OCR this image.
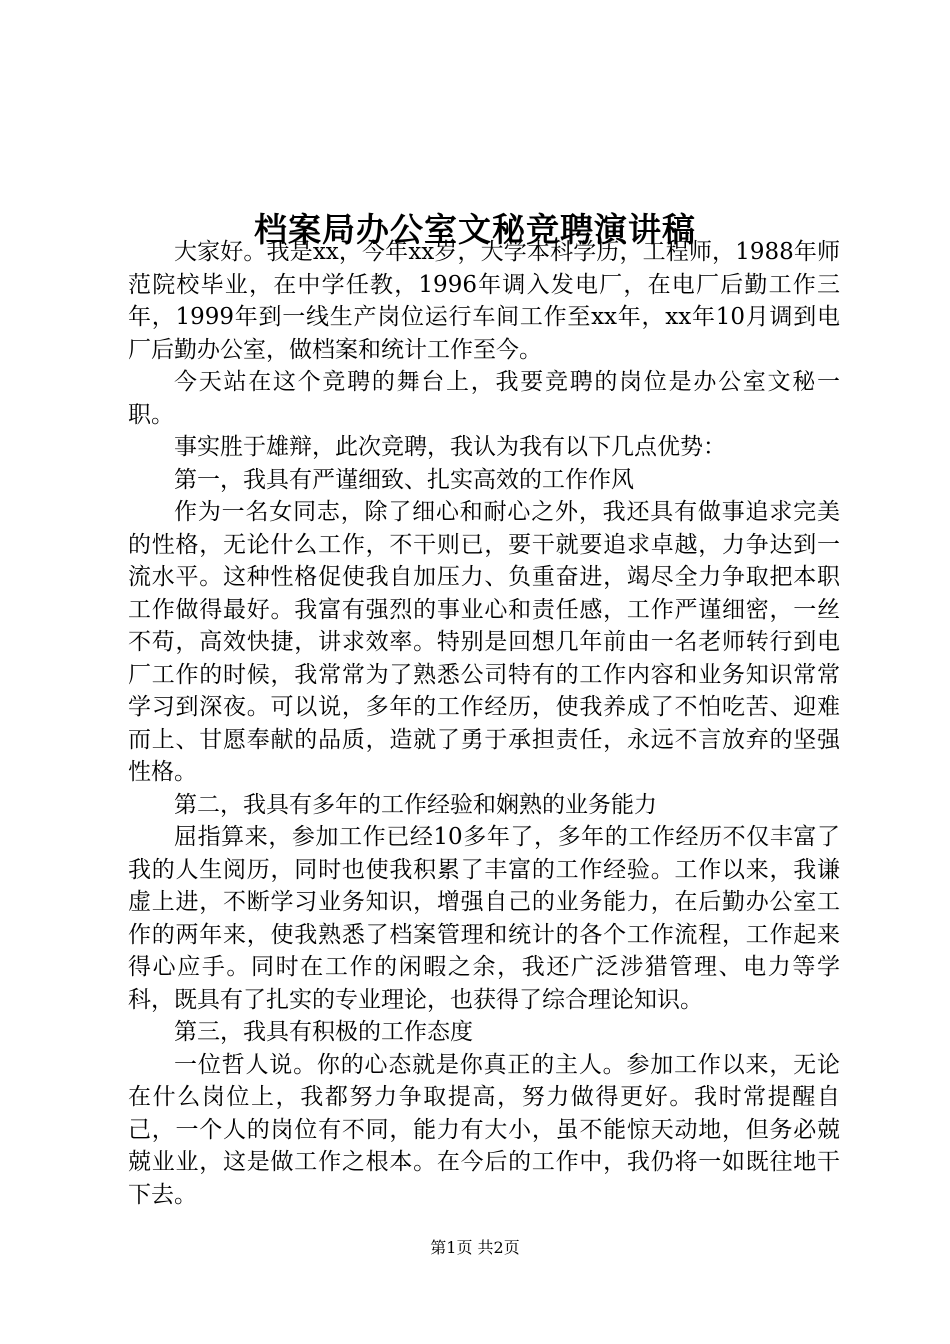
档案局办公室文秘竞聘演讲稿

大家好。我是xx，今年xx岁，大学本科学历，工程师，1988年师范院校毕业，在中学任教，1996年调入发电厂，在电厂后勤工作三年，1999年到一线生产岗位运行车间工作至xx年，xx年10月调到电厂后勤办公室，做档案和统计工作至今。

今天站在这个竞聘的舞台上，我要竞聘的岗位是办公室文秘一职。

事实胜于雄辩，此次竞聘，我认为我有以下几点优势：

第一，我具有严谨细致、扎实高效的工作作风

作为一名女同志，除了细心和耐心之外，我还具有做事追求完美的性格，无论什么工作，不干则已，要干就要追求卓越，力争达到一流水平。这种性格促使我自加压力、负重奋进，竭尽全力争取把本职工作做得最好。我富有强烈的事业心和责任感，工作严谨细密，一丝不苟，高效快捷，讲求效率。特别是回想几年前由一名老师转行到电厂工作的时候，我常常为了熟悉公司特有的工作内容和业务知识常常学习到深夜。可以说，多年的工作经历，使我养成了不怕吃苦、迎难而上、甘愿奉献的品质，造就了勇于承担责任，永远不言放弃的坚强性格。

第二，我具有多年的工作经验和娴熟的业务能力

屈指算来，参加工作已经10多年了，多年的工作经历不仅丰富了我的人生阅历，同时也使我积累了丰富的工作经验。工作以来，我谦虚上进，不断学习业务知识，增强自己的业务能力，在后勤办公室工作的两年来，使我熟悉了档案管理和统计的各个工作流程，工作起来得心应手。同时在工作的闲暇之余，我还广泛涉猎管理、电力等学科，既具有了扎实的专业理论，也获得了综合理论知识。

第三，我具有积极的工作态度

一位哲人说。你的心态就是你真正的主人。参加工作以来，无论在什么岗位上，我都努力争取提高，努力做得更好。我时常提醒自己，一个人的岗位有不同，能力有大小，虽不能惊天动地，但务必兢兢业业，这是做工作之根本。在今后的工作中，我仍将一如既往地干下去。

第1页 共2页
